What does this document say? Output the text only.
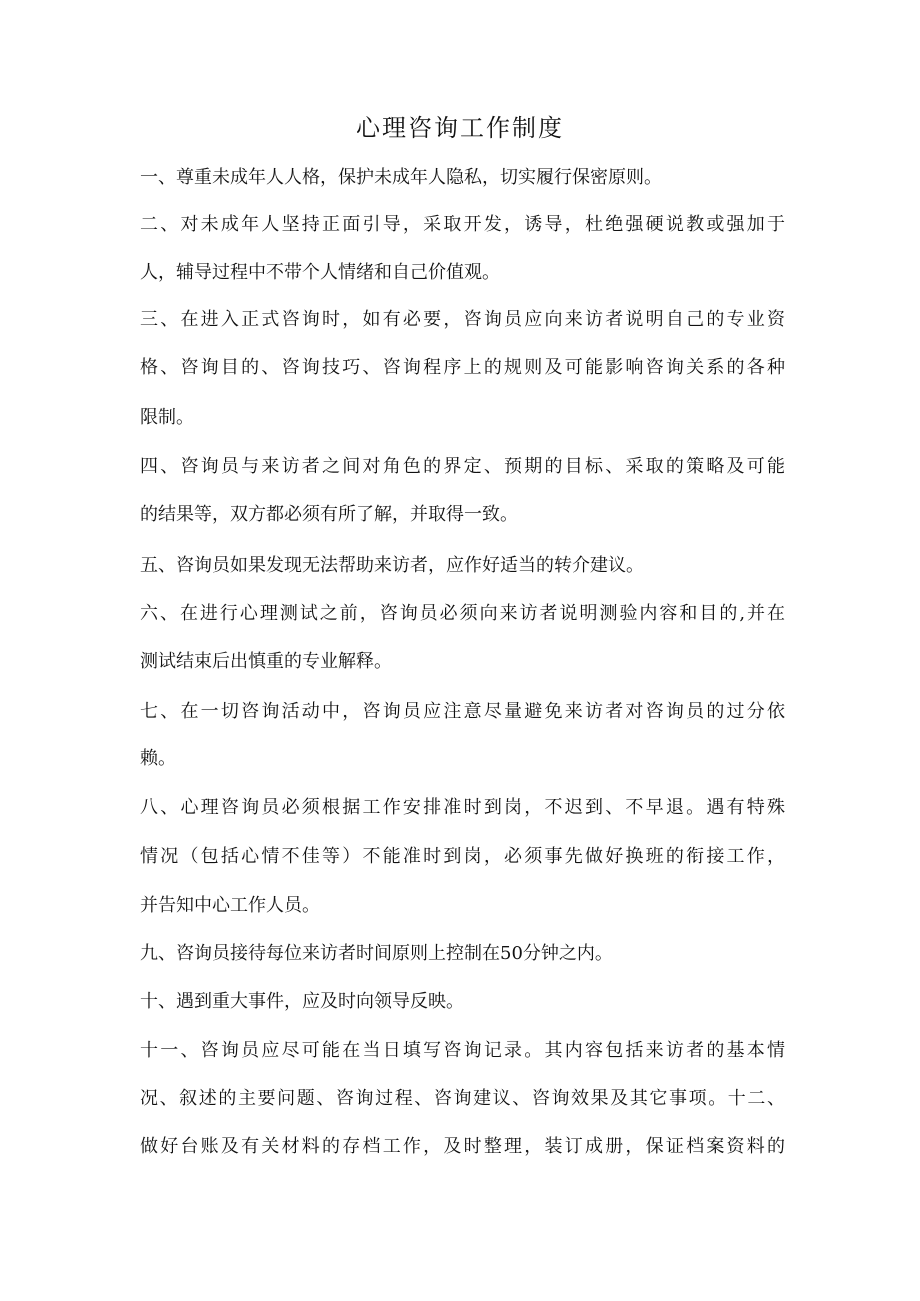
心理咨询工作制度
一、尊重未成年人人格，保护未成年人隐私，切实履行保密原则。
二、对未成年人坚持正面引导，采取开发，诱导，杜绝强硬说教或强加于
人，辅导过程中不带个人情绪和自己价值观。
三、在进入正式咨询时，如有必要，咨询员应向来访者说明自己的专业资
格、咨询目的、咨询技巧、咨询程序上的规则及可能影响咨询关系的各种
限制。
四、咨询员与来访者之间对角色的界定、预期的目标、采取的策略及可能
的结果等，双方都必须有所了解，并取得一致。
五、咨询员如果发现无法帮助来访者，应作好适当的转介建议。
六、在进行心理测试之前，咨询员必须向来访者说明测验内容和目的,并在
测试结束后出慎重的专业解释。
七、在一切咨询活动中，咨询员应注意尽量避免来访者对咨询员的过分依
赖。
八、心理咨询员必须根据工作安排准时到岗，不迟到、不早退。遇有特殊
情况（包括心情不佳等）不能准时到岗，必须事先做好换班的衔接工作，
并告知中心工作人员。
九、咨询员接待每位来访者时间原则上控制在50分钟之内。
十、遇到重大事件，应及时向领导反映。
十一、咨询员应尽可能在当日填写咨询记录。其内容包括来访者的基本情
况、叙述的主要问题、咨询过程、咨询建议、咨询效果及其它事项。十二、
做好台账及有关材料的存档工作，及时整理，装订成册，保证档案资料的
